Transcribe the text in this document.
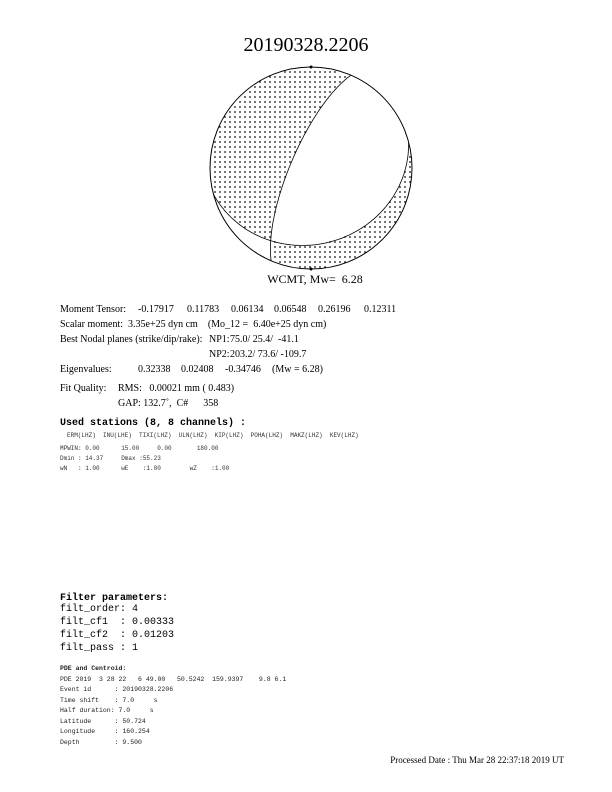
20190328.2206
WCMT, Mw=  6.28
Moment Tensor: -0.17917 0.11783 0.06134 0.06548 0.26196 0.12311
Scalar moment:  3.35e+25 dyn cm    (Mo_12 =  6.40e+25 dyn cm)
Best Nodal planes (strike/dip/rake): NP1: 75.0/ 25.4/  -41.1
NP2: 203.2/ 73.6/ -109.7
Eigenvalues:	0.32338 0.02408 -0.34746 (Mw = 6.28)
Fit Quality: RMS:   0.00021 mm ( 0.483)
GAP: 132.7˚,  C#      358
Used stations (8, 8 channels) :
ERM(LHZ)  INU(LHE)  TIXI(LHZ)  ULN(LHZ)  KIP(LHZ)  POHA(LHZ)  MAKZ(LHZ)  KEV(LHZ)
MPWIN: 0.00      15.00     0.00       180.00
Dmin : 14.37     Dmax :55.23
wN   : 1.00      wE    :1.00        wZ    :1.00
Filter parameters:
filt_order: 4
filt_cf1  : 0.00333
filt_cf2  : 0.01203
filt_pass : 1
PDE and Centroid:
PDE 2019  3 28 22   6 49.00   50.5242  159.9397    9.8 6.1
Event id      : 20190328.2206
Time shift    : 7.0     s
Half duration: 7.0     s
Latitude      : 50.724
Longitude     : 160.254
Depth         : 9.500
Processed Date : Thu Mar 28 22:37:18 2019 UT
